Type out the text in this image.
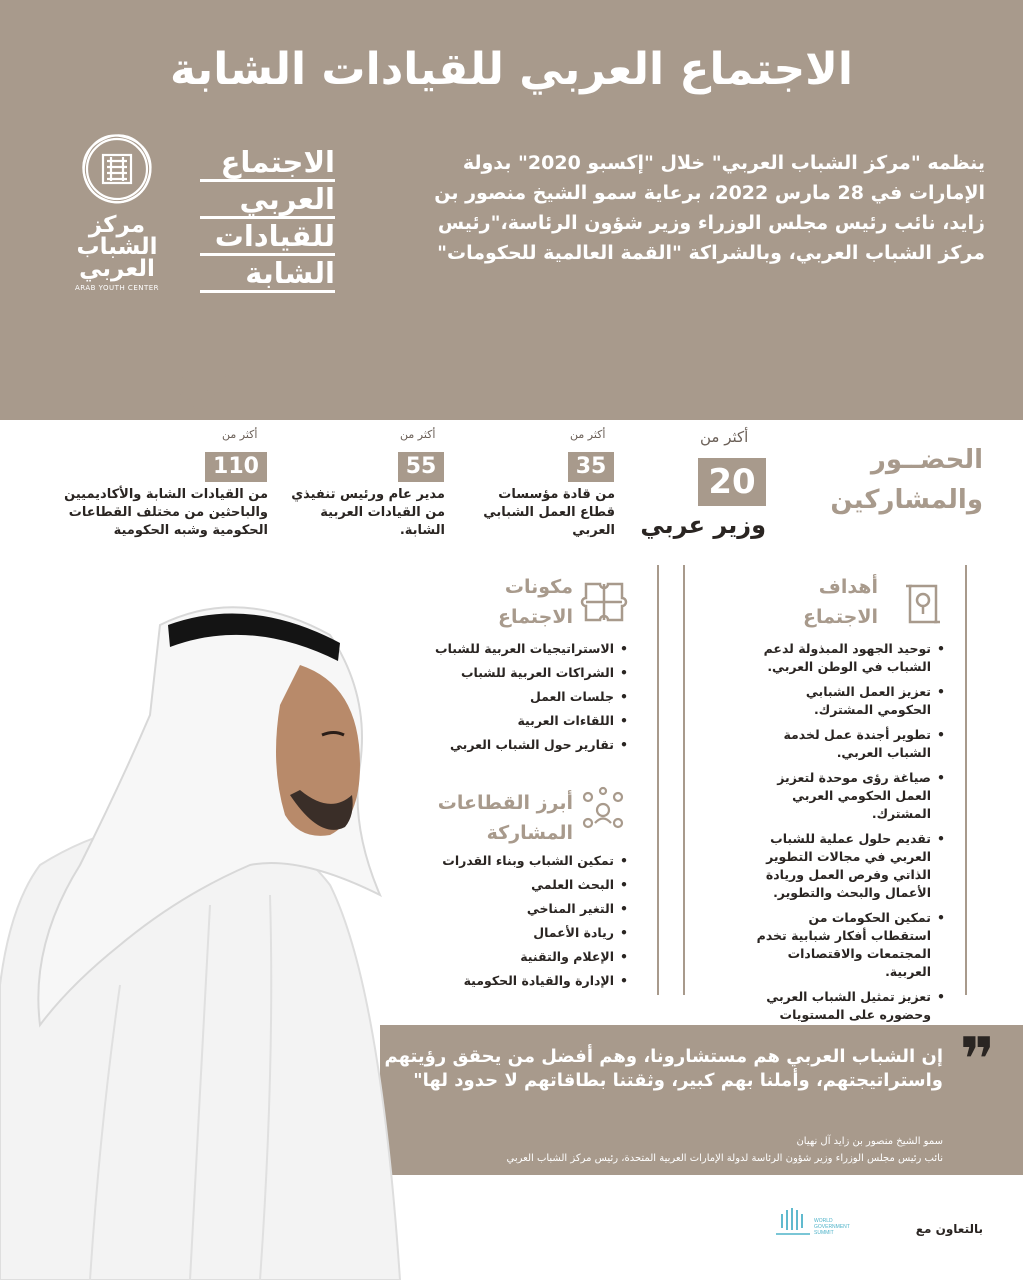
الاجتماع العربي للقيادات الشابة
ينظمه "مركز الشباب العربي" خلال "إكسبو 2020" بدولة الإمارات في 28 مارس 2022، برعاية سمو الشيخ منصور بن زايد، نائب رئيس مجلس الوزراء وزير شؤون الرئاسة،"رئيس مركز الشباب العربي، وبالشراكة "القمة العالمية للحكومات"
الاجتماع
العربي
للقيادات
الشابة
مركز
الشباب
العربي
ARAB YOUTH CENTER
الحضــور
والمشاركين
أكثر من
20
وزير عربي
أكثر من
35
من قادة مؤسسات قطاع العمل الشبابي العربي
أكثر من
55
مدير عام ورئيس تنفيذي من القيادات العربية الشابة.
أكثر من
110
من القيادات الشابة والأكاديميين والباحثين من مختلف القطاعات الحكومية وشبه الحكومية
أهداف
الاجتماع
• توحيد الجهود المبذولة لدعم الشباب في الوطن العربي.
• تعزيز العمل الشبابي الحكومي المشترك.
• تطوير أجندة عمل لخدمة الشباب العربي.
• صياغة رؤى موحدة لتعزيز العمل الحكومي العربي المشترك.
• تقديم حلول عملية للشباب العربي في مجالات التطوير الذاتي وفرص العمل وريادة الأعمال والبحث والتطوير.
• تمكين الحكومات من استقطاب أفكار شبابية تخدم المجتمعات والاقتصادات العربية.
• تعزيز تمثيل الشباب العربي وحضوره على المستويات
مكونات
الاجتماع
• الاستراتيجيات العربية للشباب
• الشراكات العربية للشباب
• جلسات العمل
• اللقاءات العربية
• تقارير حول الشباب العربي
أبرز القطاعات
المشاركة
• تمكين الشباب وبناء القدرات
• البحث العلمي
• التغير المناخي
• ريادة الأعمال
• الإعلام والتقنية
• الإدارة والقيادة الحكومية
❞
إن الشباب العربي هم مستشارونا، وهم أفضل من يحقق رؤيتهم واستراتيجتهم، وأملنا بهم كبير، وثقتنا بطاقاتهم لا حدود لها"
سمو الشيخ منصور بن زايد آل نهيان
نائب رئيس مجلس الوزراء وزير شؤون الرئاسة لدولة الإمارات العربية المتحدة، رئيس مركز الشباب العربي
بالتعاون مع
WORLD
GOVERNMENT
SUMMIT
